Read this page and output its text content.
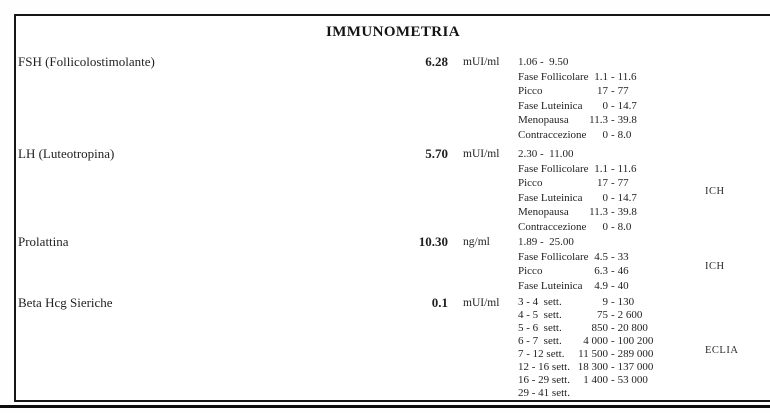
IMMUNOMETRIA
FSH (Follicolostimolante)	6.28 mUI/ml 1.06 -  9.50
Fase Follicolare 1.1 - 11.6
Picco	17 - 77
Fase Luteinica 0 - 14.7
Menopausa 11.3 - 39.8
Contraccezione 0 - 8.0
LH (Luteotropina)	5.70 mUI/ml 2.30 -  11.00
Fase Follicolare 1.1 - 11.6
Picco	17 - 77
Fase Luteinica 0 - 14.7
Menopausa 11.3 - 39.8
Contraccezione 0 - 8.0
ICH
Prolattina	10.30 ng/ml	1.89 -  25.00
Fase Follicolare 4.5 - 33
Picco	6.3 - 46
Fase Luteinica 4.9 - 40
ICH
Beta Hcg Sieriche	0.1 mUI/ml 3 - 4  sett.	9 - 130
4 - 5  sett.	75 - 2 600
5 - 6  sett.	850 - 20 800
6 - 7  sett. 4 000 - 100 200
7 - 12 sett. 11 500 - 289 000
12 - 16 sett. 18 300 - 137 000
16 - 29 sett. 1 400 - 53 000
29 - 41 sett.
ECLIA
